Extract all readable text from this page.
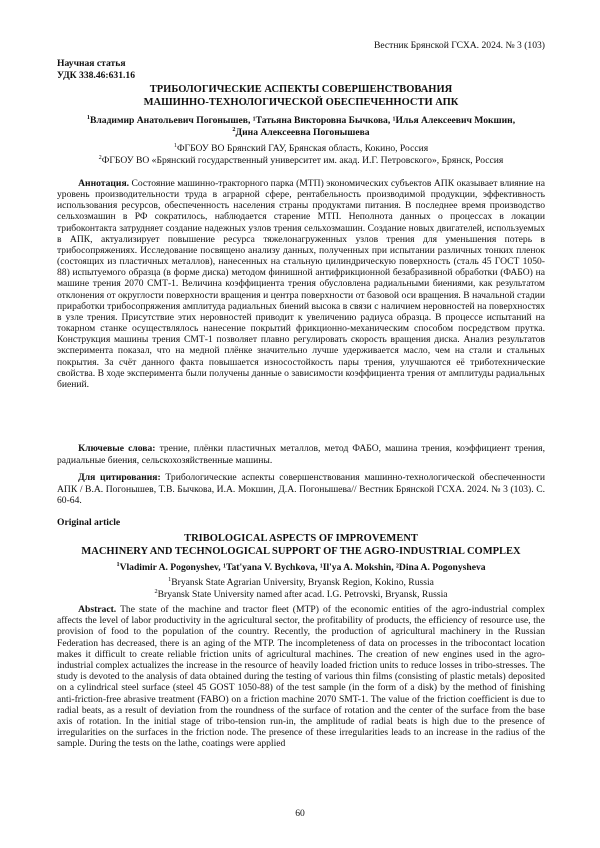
Вестник Брянской ГСХА. 2024. № 3 (103)
Научная статья
УДК 338.46:631.16
ТРИБОЛОГИЧЕСКИЕ АСПЕКТЫ СОВЕРШЕНСТВОВАНИЯ
МАШИННО-ТЕХНОЛОГИЧЕСКОЙ ОБЕСПЕЧЕННОСТИ АПК
$^1$Владимир Анатольевич Погонышев, ¹Татьяна Викторовна Бычкова, ¹Илья Алексеевич Мокшин,
$^2$Дина Алексеевна Погонышева
$^1$ФГБОУ ВО Брянский ГАУ, Брянская область, Кокино, Россия
$^2$ФГБОУ ВО «Брянский государственный университет им. акад. И.Г. Петровского», Брянск, Россия

Аннотация. Состояние машинно-тракторного парка (МТП) экономических субъектов АПК оказывает влияние на уровень производительности труда в аграрной сфере, рентабельность производимой продукции, эффективность использования ресурсов, обеспеченность населения страны продуктами питания. В последнее время производство сельхозмашин в РФ сократилось, наблюдается старение МТП. Неполнота данных о процессах в локации трибоконтакта затрудняет создание надежных узлов трения сельхозмашин. Создание новых двигателей, используемых в АПК, актуализирует повышение ресурса тяжелонагруженных узлов трения для уменьшения потерь в трибосопряжениях. Исследование посвящено анализу данных, полученных при испытании различных тонких пленок (состоящих из пластичных металлов), нанесенных на стальную цилиндрическую поверхность (сталь 45 ГОСТ 1050-88) испытуемого образца (в форме диска) методом финишной антифрикционной безабразивной обработки (ФАБО) на машине трения 2070 СМТ-1. Величина коэффициента трения обусловлена радиальными биениями, как результатом отклонения от округлости поверхности вращения и центра поверхности от базовой оси вращения. В начальной стадии приработки трибосопряжения амплитуда радиальных биений высока в связи с наличием неровностей на поверхностях в узле трения. Присутствие этих неровностей приводит к увеличению радиуса образца. В процессе испытаний на токарном станке осуществлялось нанесение покрытий фрикционно-механическим способом посредством прутка. Конструкция машины трения СМТ-1 позволяет плавно регулировать скорость вращения диска. Анализ результатов эксперимента показал, что на медной плёнке значительно лучше удерживается масло, чем на стали и стальных покрытия. За счёт данного факта повышается износостойкость пары трения, улучшаются её триботехнические свойства. В ходе эксперимента были получены данные о зависимости коэффициента трения от амплитуды радиальных биений.

Ключевые слова: трение, плёнки пластичных металлов, метод ФАБО, машина трения, коэффициент трения, радиальные биения, сельскохозяйственные машины.

Для цитирования: Трибологические аспекты совершенствования машинно-технологической обеспеченности АПК / В.А. Погонышев, Т.В. Бычкова, И.А. Мокшин, Д.А. Погонышева// Вестник Брянской ГСХА. 2024. № 3 (103). С. 60-64.

Original article
TRIBOLOGICAL ASPECTS OF IMPROVEMENT
MACHINERY AND TECHNOLOGICAL SUPPORT OF THE AGRO-INDUSTRIAL COMPLEX
$^1$Vladimir A. Pogonyshev, ¹Tat'yana V. Bychkova, ¹Il'ya A. Mokshin, ²Dina A. Pogonysheva
$^1$Bryansk State Agrarian University, Bryansk Region, Kokino, Russia
$^2$Bryansk State University named after acad. I.G. Petrovski, Bryansk, Russia

Abstract. The state of the machine and tractor fleet (MTP) of the economic entities of the agro-industrial complex affects the level of labor productivity in the agricultural sector, the profitability of products, the efficiency of resource use, the provision of food to the population of the country. Recently, the production of agricultural machinery in the Russian Federation has decreased, there is an aging of the MTP. The incompleteness of data on processes in the tribocontact location makes it difficult to create reliable friction units of agricultural machines. The creation of new engines used in the agro-industrial complex actualizes the increase in the resource of heavily loaded friction units to reduce losses in tribo-stresses. The study is devoted to the analysis of data obtained during the testing of various thin films (consisting of plastic metals) deposited on a cylindrical steel surface (steel 45 GOST 1050-88) of the test sample (in the form of a disk) by the method of finishing anti-friction-free abrasive treatment (FABO) on a friction machine 2070 SMT-1. The value of the friction coefficient is due to radial beats, as a result of deviation from the roundness of the surface of rotation and the center of the surface from the base axis of rotation. In the initial stage of tribo-tension run-in, the amplitude of radial beats is high due to the presence of irregularities on the surfaces in the friction node. The presence of these irregularities leads to an increase in the radius of the sample. During the tests on the lathe, coatings were applied

60
